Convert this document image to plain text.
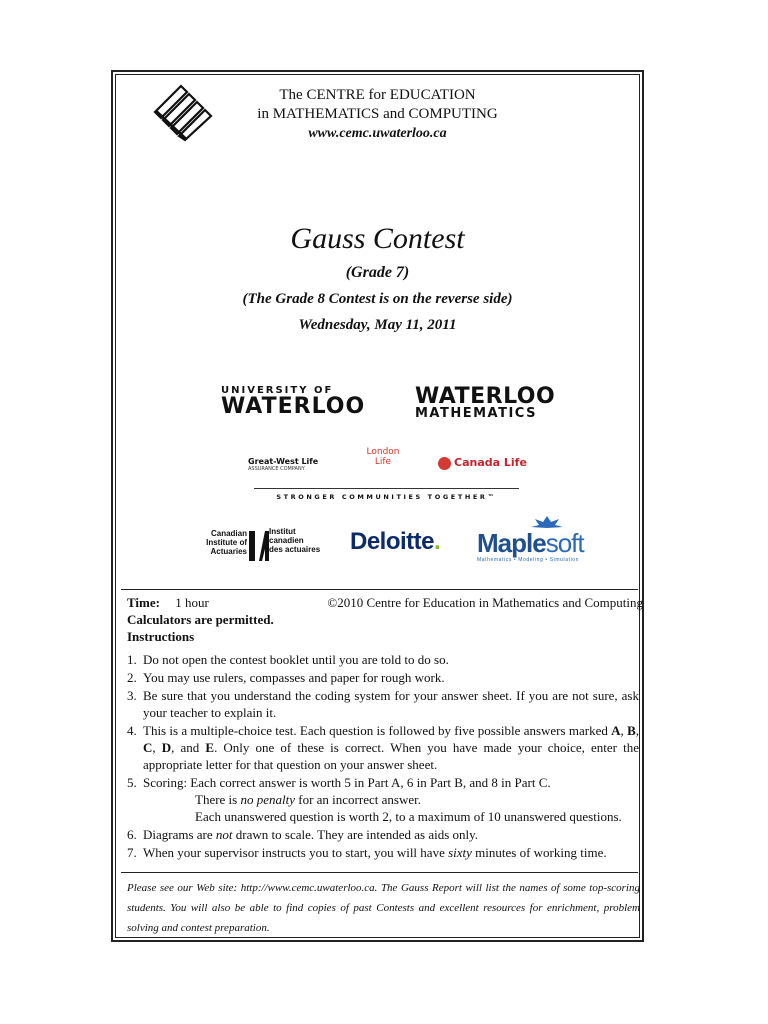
The CENTRE for EDUCATION
in MATHEMATICS and COMPUTING
www.cemc.uwaterloo.ca
Gauss Contest
(Grade 7)
(The Grade 8 Contest is on the reverse side)
Wednesday, May 11, 2011
UNIVERSITY OF
WATERLOO WATERLOO
MATHEMATICS
Great-West Life
ASSURANCE COMPANY
London
Life	Canada Life
STRONGER COMMUNITIES TOGETHER™
Canadian
Institute of
Actuaries
Institut
canadien
des actuaires	Deloitte. Maplesoft
Mathematics • Modeling • Simulation
Time: 1 hour	©2010 Centre for Education in Mathematics and Computing
Calculators are permitted.
Instructions
1. Do not open the contest booklet until you are told to do so.
2. You may use rulers, compasses and paper for rough work.
3. Be sure that you understand the coding system for your answer sheet. If you are not sure, ask your teacher to explain it.
4. This is a multiple-choice test. Each question is followed by five possible answers marked A, B, C, D, and E. Only one of these is correct. When you have made your choice, enter the appropriate letter for that question on your answer sheet.
5. Scoring: Each correct answer is worth 5 in Part A, 6 in Part B, and 8 in Part C.
There is no penalty for an incorrect answer.
Each unanswered question is worth 2, to a maximum of 10 unanswered questions.
6. Diagrams are not drawn to scale. They are intended as aids only.
7. When your supervisor instructs you to start, you will have sixty minutes of working time.
Please see our Web site: http://www.cemc.uwaterloo.ca. The Gauss Report will list the names of some top-scoring students. You will also be able to find copies of past Contests and excellent resources for enrichment, problem solving and contest preparation.
